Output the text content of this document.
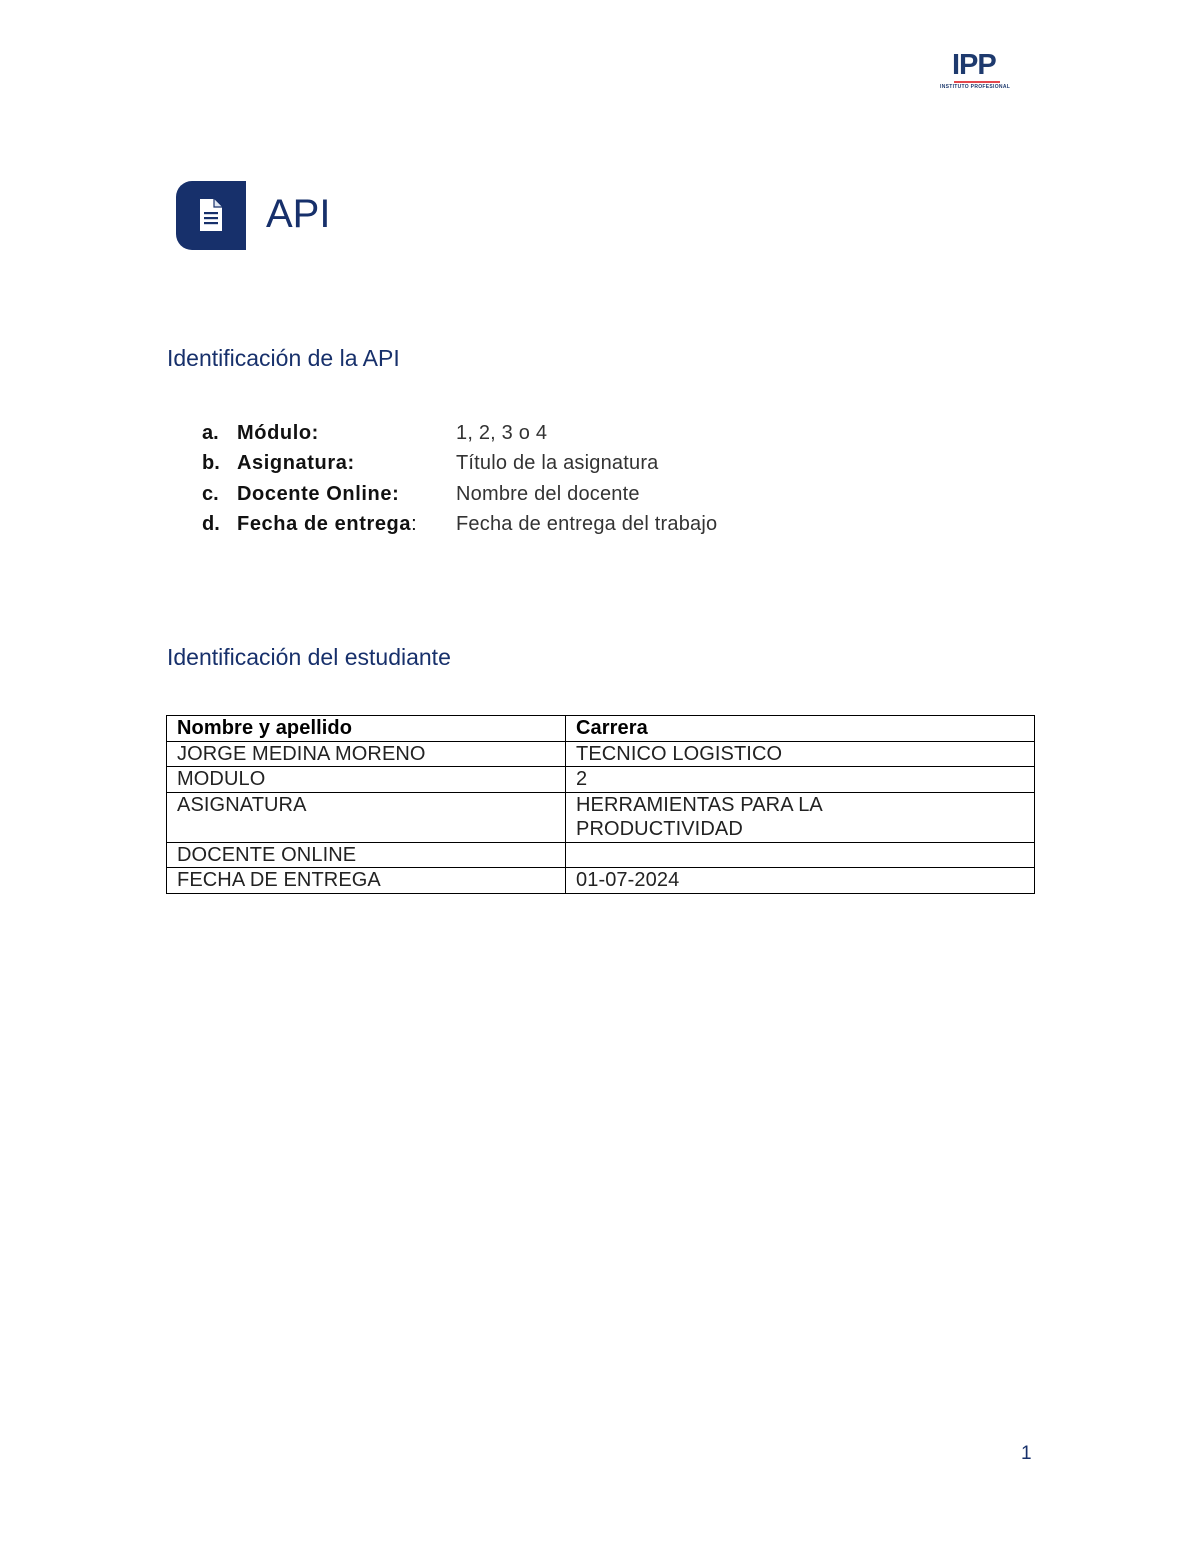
IPP
INSTITUTO PROFESIONAL
API
Identificación de la API
a. Módulo:	1, 2, 3 o 4
b. Asignatura:	Título de la asignatura
c. Docente Online:	Nombre del docente
d. Fecha de entrega: Fecha de entrega del trabajo
Identificación del estudiante
Nombre y apellido	Carrera
JORGE MEDINA MORENO	TECNICO LOGISTICO
MODULO	2
ASIGNATURA	HERRAMIENTAS PARA LA PRODUCTIVIDAD
DOCENTE ONLINE	
FECHA DE ENTREGA	01-07-2024
1
